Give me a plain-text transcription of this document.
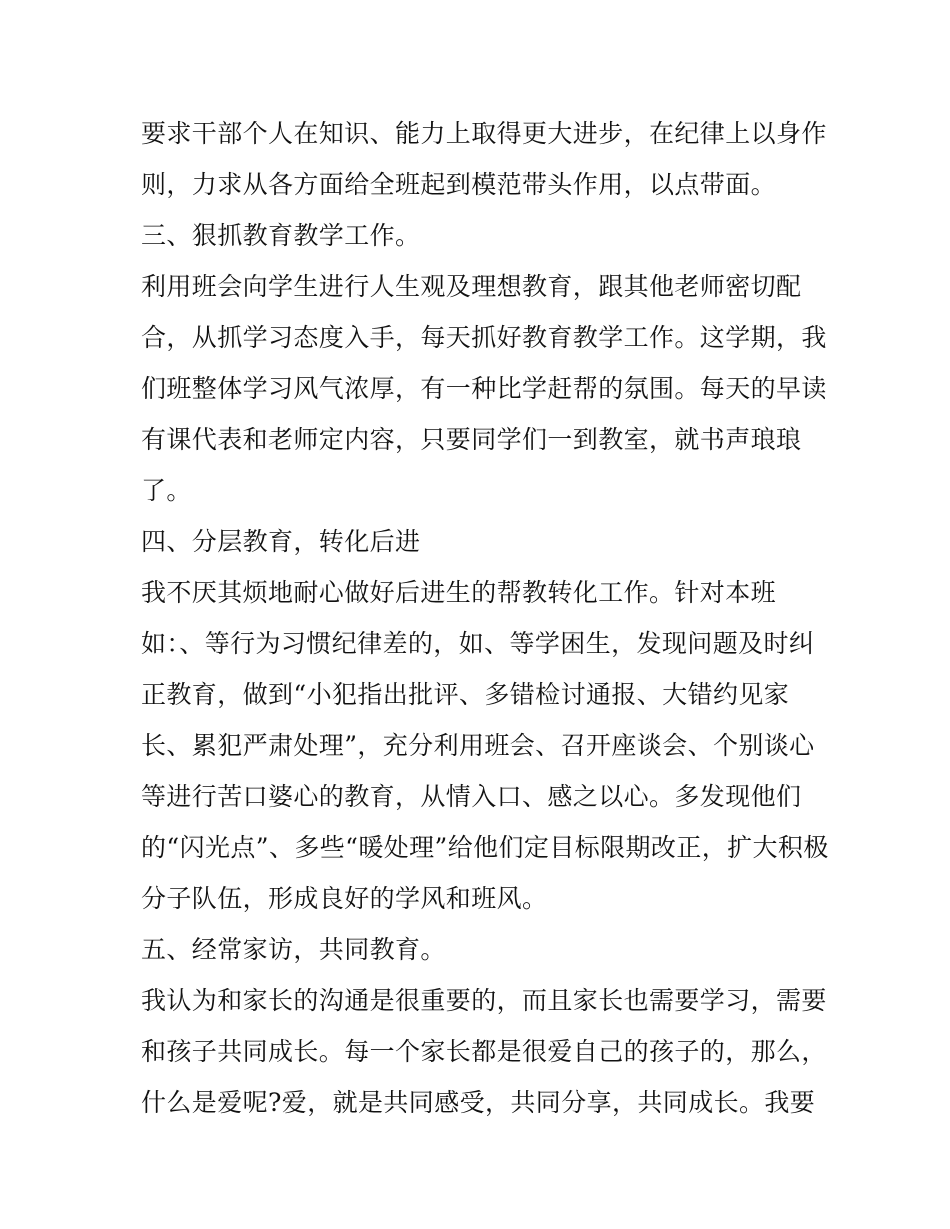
要求干部个人在知识、能力上取得更大进步，在纪律上以身作
则，力求从各方面给全班起到模范带头作用，以点带面。
三、狠抓教育教学工作。
利用班会向学生进行人生观及理想教育，跟其他老师密切配
合，从抓学习态度入手，每天抓好教育教学工作。这学期，我
们班整体学习风气浓厚，有一种比学赶帮的氛围。每天的早读
有课代表和老师定内容，只要同学们一到教室，就书声琅琅
了。
四、分层教育，转化后进
我不厌其烦地耐心做好后进生的帮教转化工作。针对本班
如：、等行为习惯纪律差的，如、等学困生，发现问题及时纠
正教育，做到“小犯指出批评、多错检讨通报、大错约见家
长、累犯严肃处理”，充分利用班会、召开座谈会、个别谈心
等进行苦口婆心的教育，从情入口、感之以心。多发现他们
的“闪光点”、多些“暖处理”给他们定目标限期改正，扩大积极
分子队伍，形成良好的学风和班风。
五、经常家访，共同教育。
我认为和家长的沟通是很重要的，而且家长也需要学习，需要
和孩子共同成长。每一个家长都是很爱自己的孩子的，那么，
什么是爱呢?爱，就是共同感受，共同分享，共同成长。我要
